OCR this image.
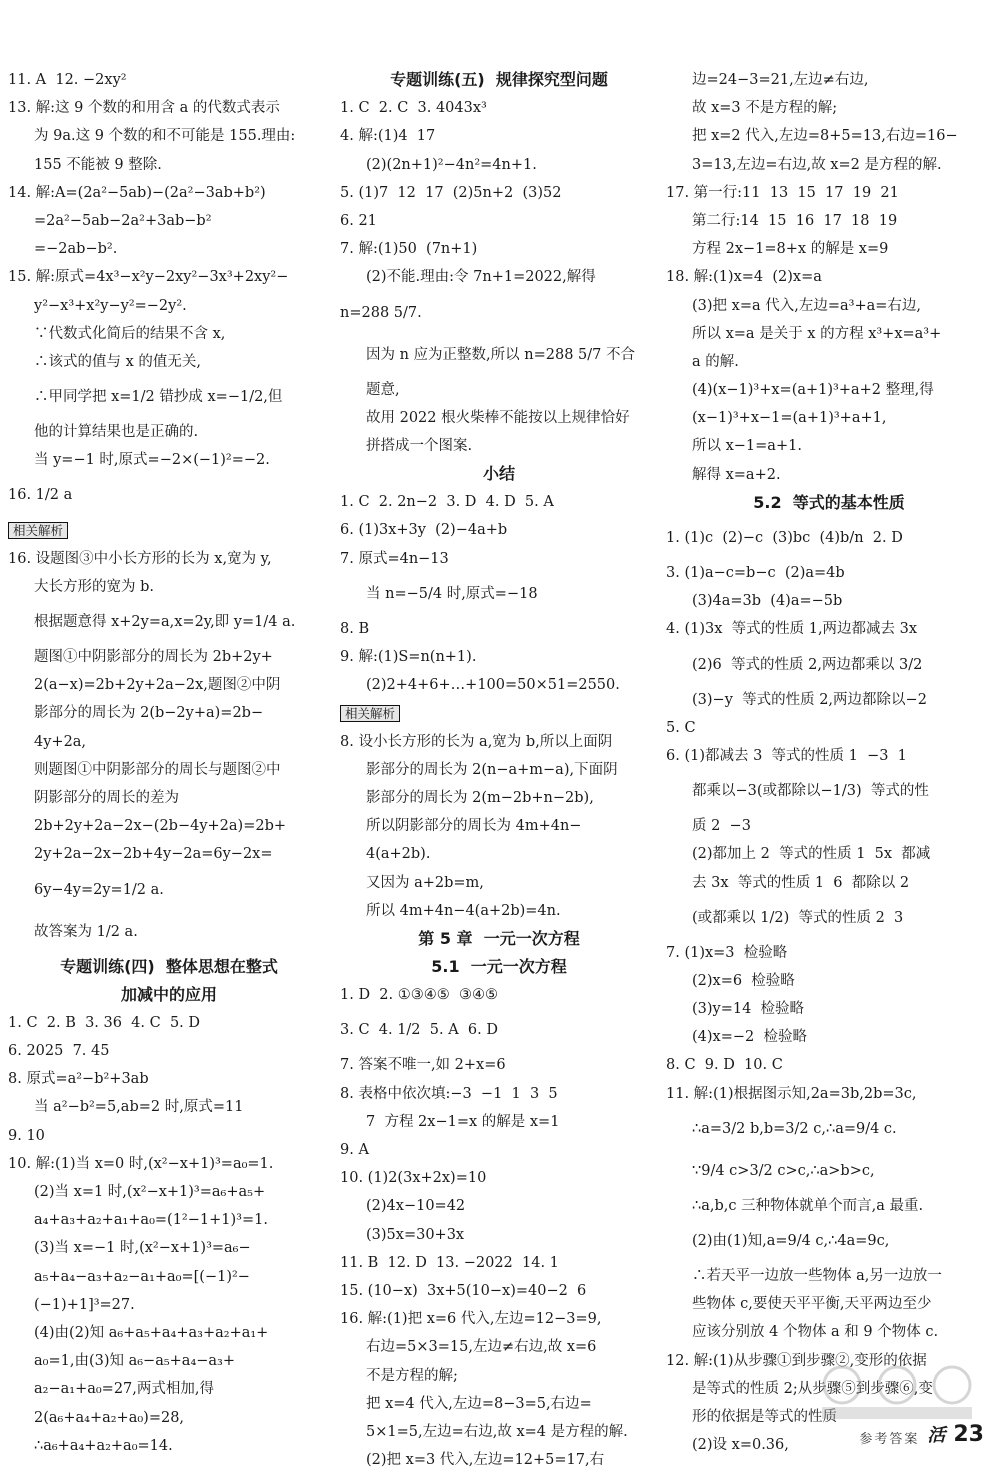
11. A  12. −2xy²
13. 解:这 9 个数的和用含 a 的代数式表示
为 9a.这 9 个数的和不可能是 155.理由:
155 不能被 9 整除.
14. 解:A=(2a²−5ab)−(2a²−3ab+b²)
=2a²−5ab−2a²+3ab−b²
=−2ab−b².
15. 解:原式=4x³−x²y−2xy²−3x³+2xy²−
y²−x³+x²y−y²=−2y².
∵代数式化简后的结果不含 x,
∴该式的值与 x 的值无关,
∴甲同学把 x=1/2 错抄成 x=−1/2,但
他的计算结果也是正确的.
当 y=−1 时,原式=−2×(−1)²=−2.
16. 1/2 a
相关解析
16. 设题图③中小长方形的长为 x,宽为 y,
大长方形的宽为 b.
根据题意得 x+2y=a,x=2y,即 y=1/4 a.
题图①中阴影部分的周长为 2b+2y+
2(a−x)=2b+2y+2a−2x,题图②中阴
影部分的周长为 2(b−2y+a)=2b−
4y+2a,
则题图①中阴影部分的周长与题图②中
阴影部分的周长的差为
2b+2y+2a−2x−(2b−4y+2a)=2b+
2y+2a−2x−2b+4y−2a=6y−2x=
6y−4y=2y=1/2 a.
故答案为 1/2 a.
专题训练(四)  整体思想在整式
加减中的应用
1. C  2. B  3. 36  4. C  5. D
6. 2025  7. 45
8. 原式=a²−b²+3ab
当 a²−b²=5,ab=2 时,原式=11
9. 10
10. 解:(1)当 x=0 时,(x²−x+1)³=a₀=1.
(2)当 x=1 时,(x²−x+1)³=a₆+a₅+
a₄+a₃+a₂+a₁+a₀=(1²−1+1)³=1.
(3)当 x=−1 时,(x²−x+1)³=a₆−
a₅+a₄−a₃+a₂−a₁+a₀=[(−1)²−
(−1)+1]³=27.
(4)由(2)知 a₆+a₅+a₄+a₃+a₂+a₁+
a₀=1,由(3)知 a₆−a₅+a₄−a₃+
a₂−a₁+a₀=27,两式相加,得
2(a₆+a₄+a₂+a₀)=28,
∴a₆+a₄+a₂+a₀=14.
专题训练(五)  规律探究型问题
1. C  2. C  3. 4043x³
4. 解:(1)4  17
(2)(2n+1)²−4n²=4n+1.
5. (1)7  12  17  (2)5n+2  (3)52
6. 21
7. 解:(1)50  (7n+1)
(2)不能.理由:令 7n+1=2022,解得
n=288 5/7.
因为 n 应为正整数,所以 n=288 5/7 不合
题意,
故用 2022 根火柴棒不能按以上规律恰好
拼搭成一个图案.
小结
1. C  2. 2n−2  3. D  4. D  5. A
6. (1)3x+3y  (2)−4a+b
7. 原式=4n−13
当 n=−5/4 时,原式=−18
8. B
9. 解:(1)S=n(n+1).
(2)2+4+6+…+100=50×51=2550.
相关解析
8. 设小长方形的长为 a,宽为 b,所以上面阴
影部分的周长为 2(n−a+m−a),下面阴
影部分的周长为 2(m−2b+n−2b),
所以阴影部分的周长为 4m+4n−
4(a+2b).
又因为 a+2b=m,
所以 4m+4n−4(a+2b)=4n.
第 5 章  一元一次方程
5.1  一元一次方程
1. D  2. ①③④⑤  ③④⑤
3. C  4. 1/2  5. A  6. D
7. 答案不唯一,如 2+x=6
8. 表格中依次填:−3  −1  1  3  5
7  方程 2x−1=x 的解是 x=1
9. A
10. (1)2(3x+2x)=10
(2)4x−10=42
(3)5x=30+3x
11. B  12. D  13. −2022  14. 1
15. (10−x)  3x+5(10−x)=40−2  6
16. 解:(1)把 x=6 代入,左边=12−3=9,
右边=5×3=15,左边≠右边,故 x=6
不是方程的解;
把 x=4 代入,左边=8−3=5,右边=
5×1=5,左边=右边,故 x=4 是方程的解.
(2)把 x=3 代入,左边=12+5=17,右
边=24−3=21,左边≠右边,
故 x=3 不是方程的解;
把 x=2 代入,左边=8+5=13,右边=16−
3=13,左边=右边,故 x=2 是方程的解.
17. 第一行:11  13  15  17  19  21
第二行:14  15  16  17  18  19
方程 2x−1=8+x 的解是 x=9
18. 解:(1)x=4  (2)x=a
(3)把 x=a 代入,左边=a³+a=右边,
所以 x=a 是关于 x 的方程 x³+x=a³+
a 的解.
(4)(x−1)³+x=(a+1)³+a+2 整理,得
(x−1)³+x−1=(a+1)³+a+1,
所以 x−1=a+1.
解得 x=a+2.
5.2  等式的基本性质
1. (1)c  (2)−c  (3)bc  (4)b/n  2. D
3. (1)a−c=b−c  (2)a=4b
(3)4a=3b  (4)a=−5b
4. (1)3x  等式的性质 1,两边都减去 3x
(2)6  等式的性质 2,两边都乘以 3/2
(3)−y  等式的性质 2,两边都除以−2
5. C
6. (1)都减去 3  等式的性质 1  −3  1
都乘以−3(或都除以−1/3)  等式的性
质 2  −3
(2)都加上 2  等式的性质 1  5x  都减
去 3x  等式的性质 1  6  都除以 2
(或都乘以 1/2)  等式的性质 2  3
7. (1)x=3  检验略
(2)x=6  检验略
(3)y=14  检验略
(4)x=−2  检验略
8. C  9. D  10. C
11. 解:(1)根据图示知,2a=3b,2b=3c,
∴a=3/2 b,b=3/2 c,∴a=9/4 c.
∵9/4 c>3/2 c>c,∴a>b>c,
∴a,b,c 三种物体就单个而言,a 最重.
(2)由(1)知,a=9/4 c,∴4a=9c,
∴若天平一边放一些物体 a,另一边放一
些物体 c,要使天平平衡,天平两边至少
应该分别放 4 个物体 a 和 9 个物体 c.
12. 解:(1)从步骤①到步骤②,变形的依据
是等式的性质 2;从步骤⑤到步骤⑥,变
形的依据是等式的性质
(2)设 x=0.36,	参考答案 活 23
